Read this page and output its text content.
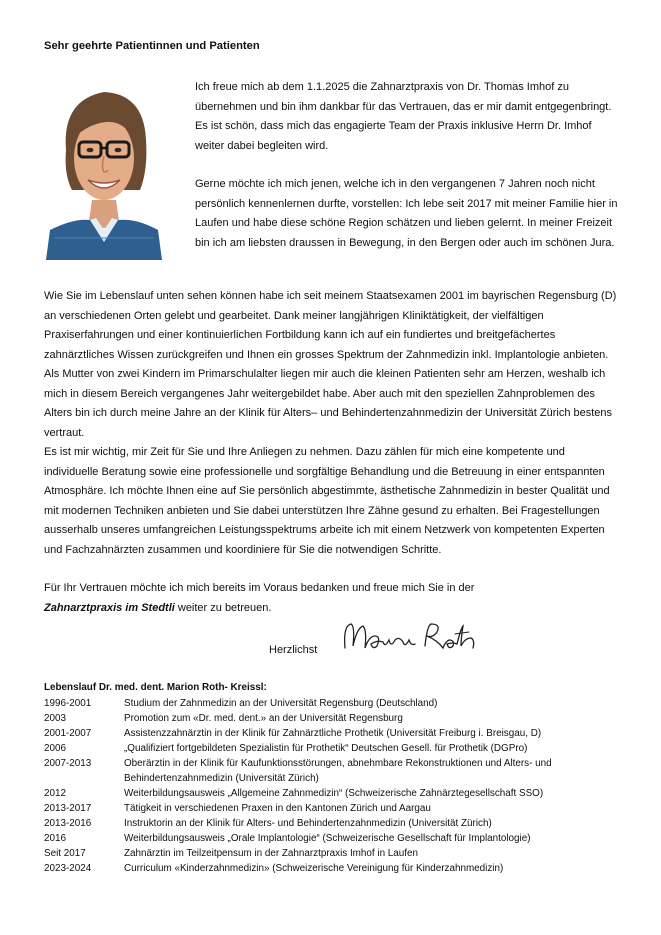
Sehr geehrte Patientinnen und Patienten

Ich freue mich ab dem 1.1.2025 die Zahnarztpraxis von Dr. Thomas Imhof zu übernehmen und bin ihm dankbar für das Vertrauen, das er mir damit entgegenbringt. Es ist schön, dass mich das engagierte Team der Praxis inklusive Herrn Dr. Imhof weiter dabei begleiten wird.

Gerne möchte ich mich jenen, welche ich in den vergangenen 7 Jahren noch nicht persönlich kennenlernen durfte, vorstellen: Ich lebe seit 2017 mit meiner Familie hier in Laufen und habe diese schöne Region schätzen und lieben gelernt. In meiner Freizeit bin ich am liebsten draussen in Bewegung, in den Bergen oder auch im schönen Jura.

Wie Sie im Lebenslauf unten sehen können habe ich seit meinem Staatsexamen 2001 im bayrischen Regensburg (D) an verschiedenen Orten gelebt und gearbeitet. Dank meiner langjährigen Kliniktätigkeit, der vielfältigen Praxiserfahrungen und einer kontinuierlichen Fortbildung kann ich auf ein fundiertes und breitgefächertes zahnärztliches Wissen zurückgreifen und Ihnen ein grosses Spektrum der Zahnmedizin inkl. Implantologie anbieten. Als Mutter von zwei Kindern im Primarschulalter liegen mir auch die kleinen Patienten sehr am Herzen, weshalb ich mich in diesem Bereich vergangenes Jahr weitergebildet habe. Aber auch mit den speziellen Zahnproblemen des Alters bin ich durch meine Jahre an der Klinik für Alters– und Behindertenzahnmedizin der Universität Zürich bestens vertraut.

Es ist mir wichtig, mir Zeit für Sie und Ihre Anliegen zu nehmen. Dazu zählen für mich eine kompetente und individuelle Beratung sowie eine professionelle und sorgfältige Behandlung und die Betreuung in einer entspannten Atmosphäre. Ich möchte Ihnen eine auf Sie persönlich abgestimmte, ästhetische Zahnmedizin in bester Qualität und mit modernen Techniken anbieten und Sie dabei unterstützen Ihre Zähne gesund zu erhalten. Bei Fragestellungen ausserhalb unseres umfangreichen Leistungsspektrums arbeite ich mit einem Netzwerk von kompetenten Experten und Fachzahnärzten zusammen und koordiniere für Sie die notwendigen Schritte.

Für Ihr Vertrauen möchte ich mich bereits im Voraus bedanken und freue mich Sie in der
Zahnarztpraxis im Stedtli weiter zu betreuen.

Herzlichst
Lebenslauf Dr. med. dent. Marion Roth- Kreissl:
1996-2001	Studium der Zahnmedizin an der Universität Regensburg (Deutschland)
2003	Promotion zum «Dr. med. dent.» an der Universität Regensburg
2001-2007	Assistenzzahnärztin in der Klinik für Zahnärztliche Prothetik (Universität Freiburg i. Breisgau, D)
2006	„Qualifiziert fortgebildeten Spezialistin für Prothetik“ Deutschen Gesell. für Prothetik (DGPro)
2007-2013	Oberärztin in der Klinik für Kaufunktionsstörungen, abnehmbare Rekonstruktionen und Alters- und Behindertenzahnmedizin (Universität Zürich)
2012	Weiterbildungsausweis „Allgemeine Zahnmedizin“ (Schweizerische Zahnärztegesellschaft SSO)
2013-2017	Tätigkeit in verschiedenen Praxen in den Kantonen Zürich und Aargau
2013-2016	Instruktorin an der Klinik für Alters- und Behindertenzahnmedizin (Universität Zürich)
2016	Weiterbildungsausweis „Orale Implantologie“ (Schweizerische Gesellschaft für Implantologie)
Seit 2017	Zahnärztin im Teilzeitpensum in der Zahnarztpraxis Imhof in Laufen
2023-2024	Curriculum «Kinderzahnmedizin» (Schweizerische Vereinigung für Kinderzahnmedizin)
